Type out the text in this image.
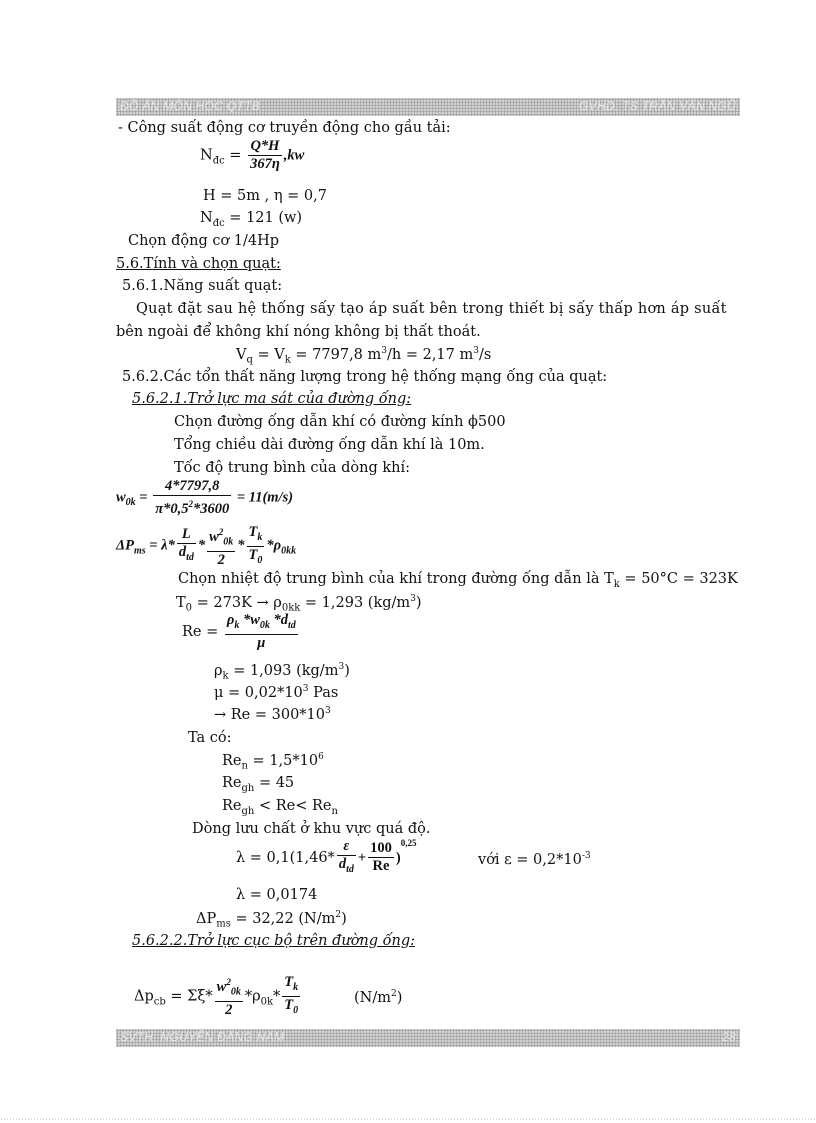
ĐỒ ÁN MÔN HỌC QTTB	GVHD: TS TRẦN VĂN NGŨ
- Công suất động cơ truyền động cho gầu tải:
$N_{đc} = \frac{Q*H}{367\eta} ,kw$
H = 5m , η = 0,7
$N_{đc} = 121$ (w)
Chọn động cơ 1/4Hp
5.6.Tính và chọn quạt:
5.6.1.Năng suất quạt:
Quạt đặt sau hệ thống sấy tạo áp suất bên trong thiết bị sấy thấp hơn áp suất
bên ngoài để không khí nóng không bị thất thoát.
$V_q = V_k = 7797,8$ $m^3/h = 2,17$ $m^3/s$
5.6.2.Các tổn thất năng lượng trong hệ thống mạng ống của quạt:
5.6.2.1.Trở lực ma sát của đường ống:
Chọn đường ống dẫn khí có đường kính ϕ500
Tổng chiều dài đường ống dẫn khí là 10m.
Tốc độ trung bình của dòng khí:
$w_{0k} = \frac{4*7797,8}{\pi*0,5^2*3600} = 11(m/s)$
$\Delta P_{ms} = \lambda* \frac{L}{d_{td}} * \frac{w^2_{0k}}{2} * \frac{T_k}{T_0} *\rho_{0kk}$
Chọn nhiệt độ trung bình của khí trong đường ống dẫn là $T_k = 50^\circ C = 323K$
$T_0 = 273K \to \rho_{0kk} = 1,293$ $(kg/m^3)$
$Re = \frac{\rho_k *w_{0k} *d_{td}}{\mu}$
$\rho_k = 1,093$ $(kg/m^3)$
$\mu = 0,02*10^3$ Pas
→ $Re = 300*10^3$
Ta có:
$Re_n = 1,5*10^6$
$Re_{gh} = 45$
$Re_{gh} < Re< Re_n$
Dòng lưu chất ở khu vực quá độ.
$\lambda = 0,1(1,46* \frac{\varepsilon}{d_{td}} + \frac{100}{Re} )^{0,25}$
với $\varepsilon = 0,2*10^{-3}$
λ = 0,0174
$\Delta P_{ms} = 32,22$ $(N/m^2)$
5.6.2.2.Trở lực cục bộ trên đường ống:
$\Delta p_{cb} = \Sigma\xi* \frac{w^2_{0k}}{2} *\rho_{0k}* \frac{T_k}{T_0}$	$(N/m^2)$
SVTH: NGUYỄN ĐĂNG NAM	28
